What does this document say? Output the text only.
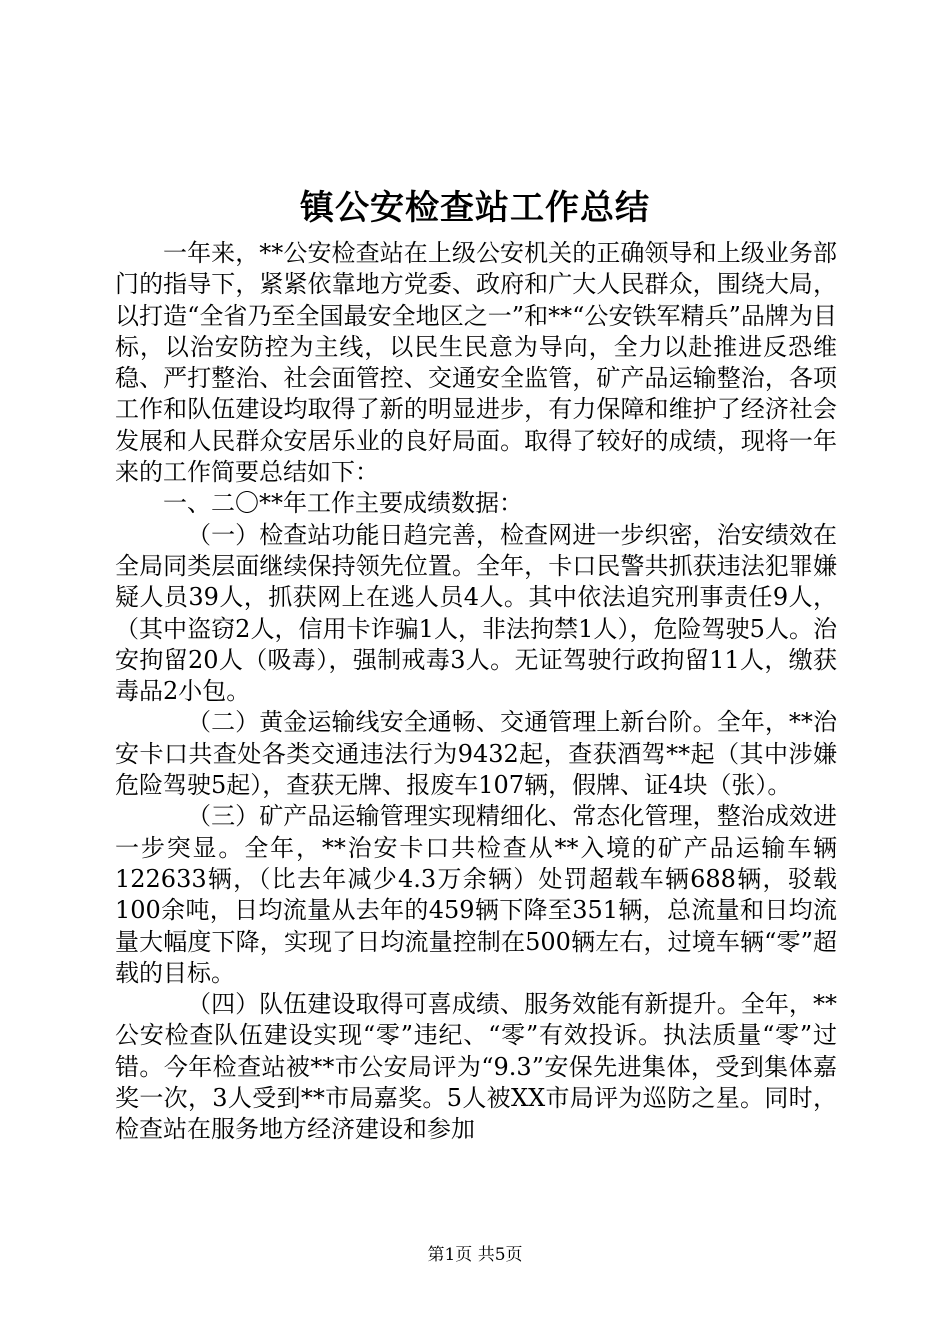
镇公安检查站工作总结

一年来，**公安检查站在上级公安机关的正确领导和上级业务部门的指导下，紧紧依靠地方党委、政府和广大人民群众，围绕大局，以打造“全省乃至全国最安全地区之一”和**“公安铁军精兵”品牌为目标，以治安防控为主线，以民生民意为导向，全力以赴推进反恐维稳、严打整治、社会面管控、交通安全监管，矿产品运输整治，各项工作和队伍建设均取得了新的明显进步，有力保障和维护了经济社会发展和人民群众安居乐业的良好局面。取得了较好的成绩，现将一年来的工作简要总结如下：

一、二〇**年工作主要成绩数据：

（一）检查站功能日趋完善，检查网进一步织密，治安绩效在全局同类层面继续保持领先位置。全年，卡口民警共抓获违法犯罪嫌疑人员39人，抓获网上在逃人员4人。其中依法追究刑事责任9人，（其中盗窃2人，信用卡诈骗1人，非法拘禁1人），危险驾驶5人。治安拘留20人（吸毒），强制戒毒3人。无证驾驶行政拘留11人，缴获毒品2小包。

（二）黄金运输线安全通畅、交通管理上新台阶。全年，**治安卡口共查处各类交通违法行为9432起，查获酒驾**起（其中涉嫌危险驾驶5起），查获无牌、报废车107辆，假牌、证4块（张）。

（三）矿产品运输管理实现精细化、常态化管理，整治成效进一步突显。全年，**治安卡口共检查从**入境的矿产品运输车辆122633辆，（比去年减少4.3万余辆）处罚超载车辆688辆，驳载100余吨，日均流量从去年的459辆下降至351辆，总流量和日均流量大幅度下降，实现了日均流量控制在500辆左右，过境车辆“零”超载的目标。

（四）队伍建设取得可喜成绩、服务效能有新提升。全年，**公安检查队伍建设实现“零”违纪、“零”有效投诉。执法质量“零”过错。今年检查站被**市公安局评为“9.3”安保先进集体，受到集体嘉奖一次，3人受到**市局嘉奖。5人被XX市局评为巡防之星。同时，检查站在服务地方经济建设和参加

第1页 共5页
